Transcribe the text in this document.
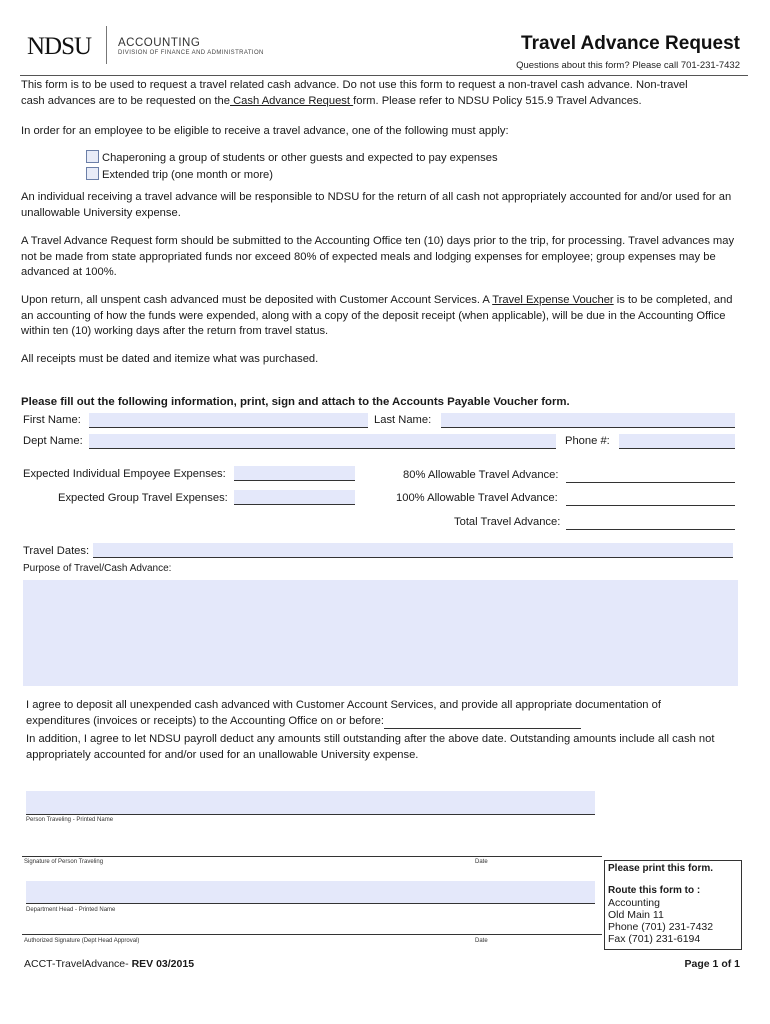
NDSU ACCOUNTING
DIVISION OF FINANCE AND ADMINISTRATION	Travel Advance Request
Questions about this form? Please call 701-231-7432
This form is to be used to request a travel related cash advance. Do not use this form to request a non-travel cash advance. Non-travel
cash advances are to be requested on the Cash Advance Request form. Please refer to NDSU Policy 515.9 Travel Advances.
In order for an employee to be eligible to receive a travel advance, one of the following must apply:
Chaperoning a group of students or other guests and expected to pay expenses
Extended trip (one month or more)
An individual receiving a travel advance will be responsible to NDSU for the return of all cash not appropriately accounted for and/or used for an unallowable University expense.
A Travel Advance Request form should be submitted to the Accounting Office ten (10) days prior to the trip, for processing. Travel advances may not be made from state appropriated funds nor exceed 80% of expected meals and lodging expenses for employee; group expenses may be advanced at 100%.
Upon return, all unspent cash advanced must be deposited with Customer Account Services. A Travel Expense Voucher is to be completed, and an accounting of how the funds were expended, along with a copy of the deposit receipt (when applicable), will be due in the Accounting Office within ten (10) working days after the return from travel status.
All receipts must be dated and itemize what was purchased.
Please fill out the following information, print, sign and attach to the Accounts Payable Voucher form.
First Name:	Last Name:
Dept Name:	Phone #:
Expected Individual Empoyee Expenses:
Expected Group Travel Expenses:
80% Allowable Travel Advance:
100% Allowable Travel Advance:
Total Travel Advance:
Travel Dates:
Purpose of Travel/Cash Advance:
I agree to deposit all unexpended cash advanced with Customer Account Services, and provide all appropriate documentation of
expenditures (invoices or receipts) to the Accounting Office on or before:
In addition, I agree to let NDSU payroll deduct any amounts still outstanding after the above date. Outstanding amounts include all cash not appropriately accounted for and/or used for an unallowable University expense.
Person Traveling - Printed Name
Signature of Person Traveling	Date
Department Head - Printed Name
Authorized Signature (Dept Head Approval)	Date
Please print this form.
Route this form to :
Accounting
Old Main 11
Phone (701) 231-7432
Fax (701) 231-6194
ACCT-TravelAdvance- REV 03/2015	Page 1 of 1
